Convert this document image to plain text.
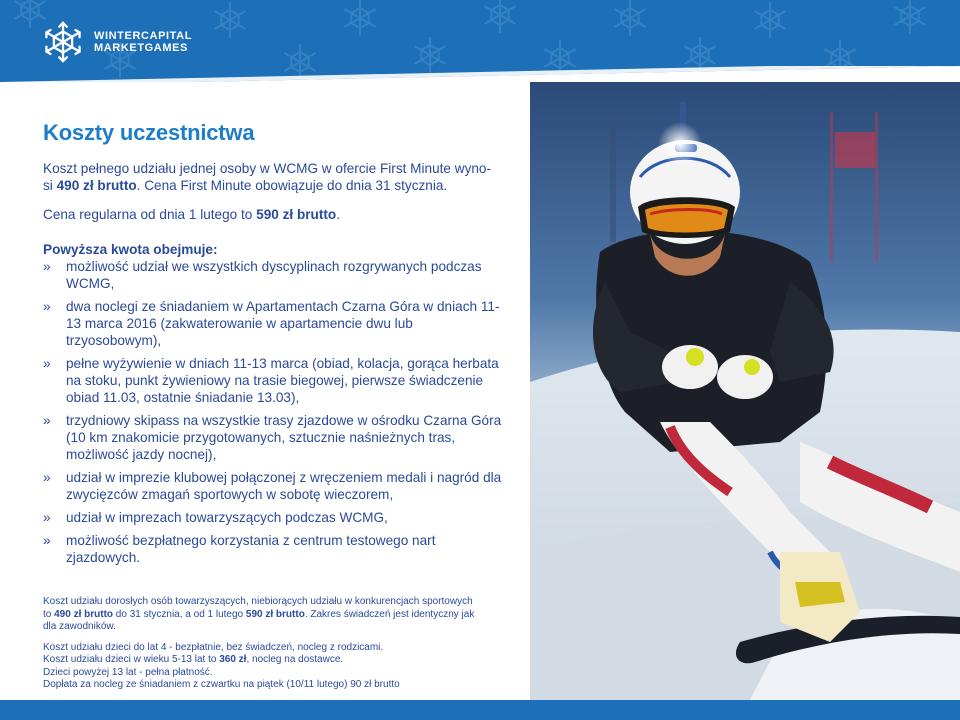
WINTERCAPITAL
MARKETGAMES
Koszty uczestnictwa

Koszt pełnego udziału jednej osoby w WCMG w ofercie First Minute wyno-
si 490 zł brutto. Cena First Minute obowiązuje do dnia 31 stycznia.

Cena regularna od dnia 1 lutego to 590 zł brutto.

Powyższa kwota obejmuje:

»	możliwość udział we wszystkich dyscyplinach rozgrywanych podczas WCMG,
»	dwa noclegi ze śniadaniem w Apartamentach Czarna Góra w dniach 11-13 marca 2016 (zakwaterowanie w apartamencie dwu lub trzyosobowym),
»	pełne wyżywienie w dniach 11-13 marca (obiad, kolacja, gorąca herbata na stoku, punkt żywieniowy na trasie biegowej, pierwsze świadczenie obiad 11.03, ostatnie śniadanie 13.03),
»	trzydniowy skipass na wszystkie trasy zjazdowe w ośrodku Czarna Góra (10 km znakomicie przygotowanych, sztucznie naśnieżnych tras, możliwość jazdy nocnej),
»	udział w imprezie klubowej połączonej z wręczeniem medali i nagród dla zwycięzców zmagań sportowych w sobotę wieczorem,
»	udział w imprezach towarzyszących podczas WCMG,
»	możliwość bezpłatnego korzystania z centrum testowego nart zjazdowych.
Koszt udziału dorosłych osób towarzyszących, niebiorących udziału w konkurencjach sportowych
to 490 zł brutto do 31 stycznia, a od 1 lutego 590 zł brutto. Zakres świadczeń jest identyczny jak
dla zawodników.
Koszt udziału dzieci do lat 4 - bezpłatnie, bez świadczeń, nocleg z rodzicami.
Koszt udziału dzieci w wieku 5-13 lat to 360 zł, nocleg na dostawce.
Dzieci powyżej 13 lat - pełna płatność.
Dopłata za nocleg ze śniadaniem z czwartku na piątek (10/11 lutego) 90 zł brutto
